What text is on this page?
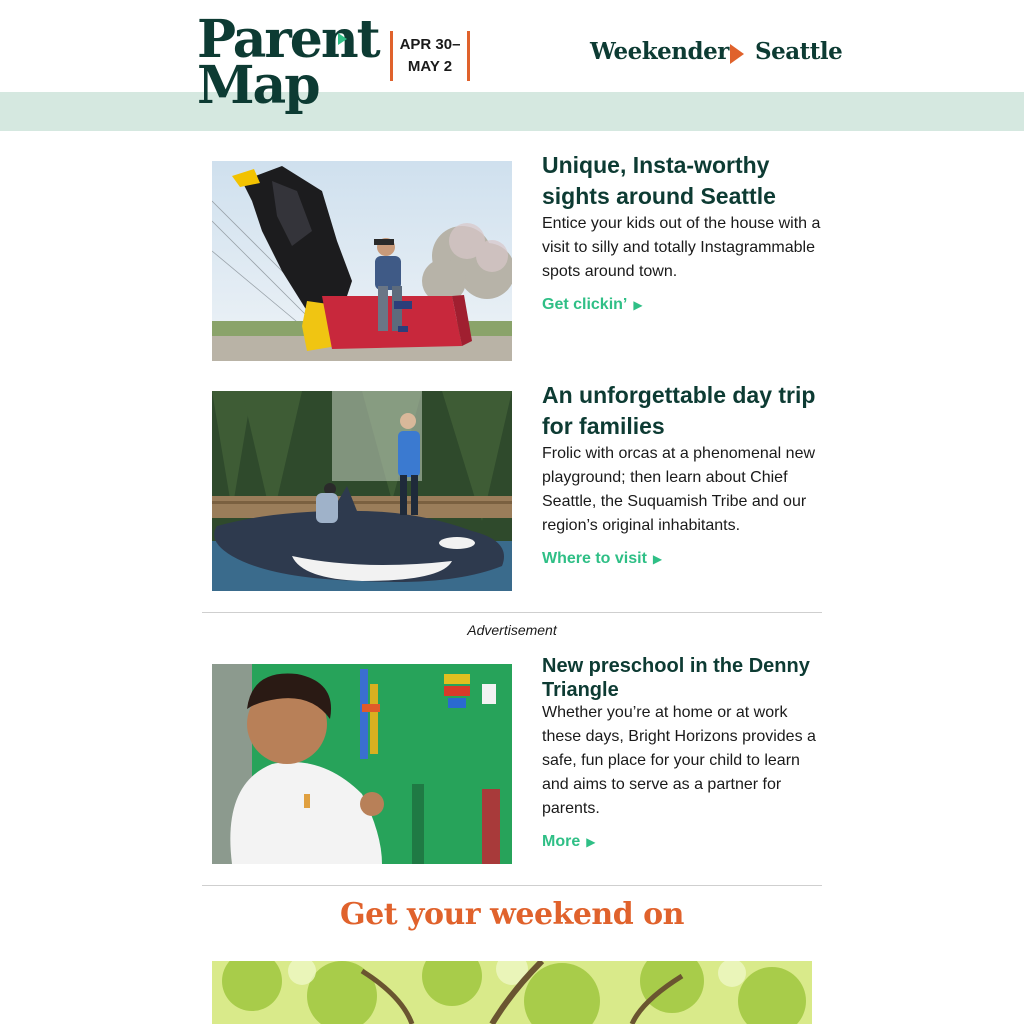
Parent
Map
APR 30–
MAY 2
Weekender Seattle
Unique, Insta-worthy sights around Seattle
Entice your kids out of the house with a visit to silly and totally Instagrammable spots around town.
Get clickin’ ▶
An unforgettable day trip for families
Frolic with orcas at a phenomenal new playground; then learn about Chief Seattle, the Suquamish Tribe and our region’s original inhabitants.
Where to visit ▶
Advertisement
New preschool in the Denny Triangle
Whether you’re at home or at work these days, Bright Horizons provides a safe, fun place for your child to learn and aims to serve as a partner for parents.
More ▶
Get your weekend on
